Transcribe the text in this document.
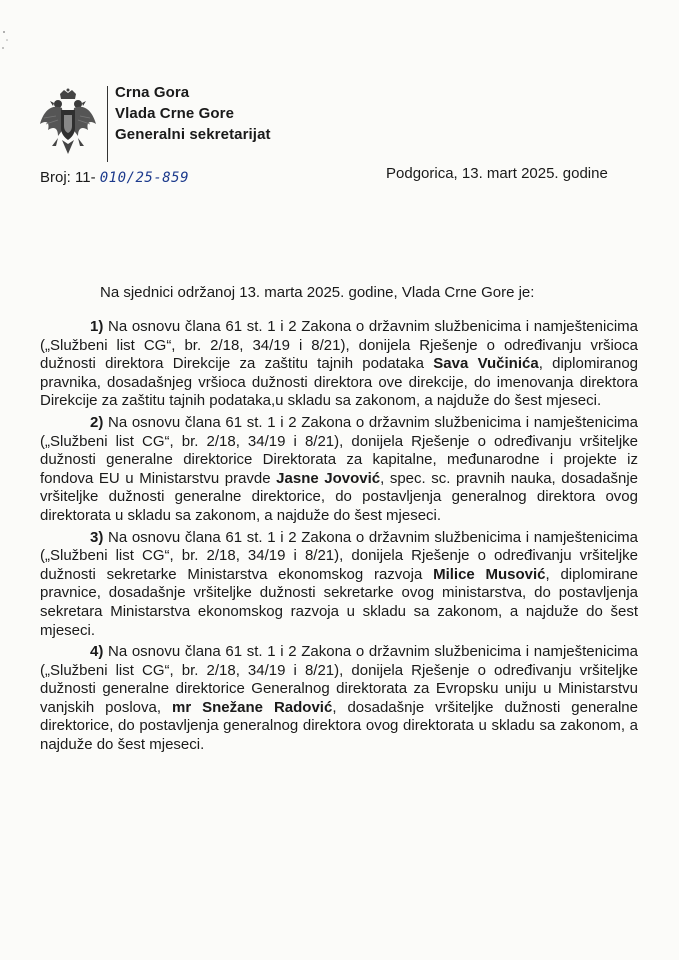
Crna Gora
Vlada Crne Gore
Generalni sekretarijat
Broj: 11- 010/25-859	Podgorica, 13. mart 2025. godine
Na sjednici održanoj 13. marta 2025. godine, Vlada Crne Gore je:

1) Na osnovu člana 61 st. 1 i 2 Zakona o državnim službenicima i namještenicima („Službeni list CG“, br. 2/18, 34/19 i 8/21), donijela Rješenje o određivanju vršioca dužnosti direktora Direkcije za zaštitu tajnih podataka Sava Vučinića, diplomiranog pravnika, dosadašnjeg vršioca dužnosti direktora ove direkcije, do imenovanja direktora Direkcije za zaštitu tajnih podataka,u skladu sa zakonom, a najduže do šest mjeseci.

2) Na osnovu člana 61 st. 1 i 2 Zakona o državnim službenicima i namještenicima („Službeni list CG“, br. 2/18, 34/19 i 8/21), donijela Rješenje o određivanju vršiteljke dužnosti generalne direktorice Direktorata za kapitalne, međunarodne i projekte iz fondova EU u Ministarstvu pravde Jasne Jovović, spec. sc. pravnih nauka, dosadašnje vršiteljke dužnosti generalne direktorice, do postavljenja generalnog direktora ovog direktorata u skladu sa zakonom, a najduže do šest mjeseci.

3) Na osnovu člana 61 st. 1 i 2 Zakona o državnim službenicima i namještenicima („Službeni list CG“, br. 2/18, 34/19 i 8/21), donijela Rješenje o određivanju vršiteljke dužnosti sekretarke Ministarstva ekonomskog razvoja Milice Musović, diplomirane pravnice, dosadašnje vršiteljke dužnosti sekretarke ovog ministarstva, do postavljenja sekretara Ministarstva ekonomskog razvoja u skladu sa zakonom, a najduže do šest mjeseci.

4) Na osnovu člana 61 st. 1 i 2 Zakona o državnim službenicima i namještenicima („Službeni list CG“, br. 2/18, 34/19 i 8/21), donijela Rješenje o određivanju vršiteljke dužnosti generalne direktorice Generalnog direktorata za Evropsku uniju u Ministarstvu vanjskih poslova, mr Snežane Radović, dosadašnje vršiteljke dužnosti generalne direktorice, do postavljenja generalnog direktora ovog direktorata u skladu sa zakonom, a najduže do šest mjeseci.
